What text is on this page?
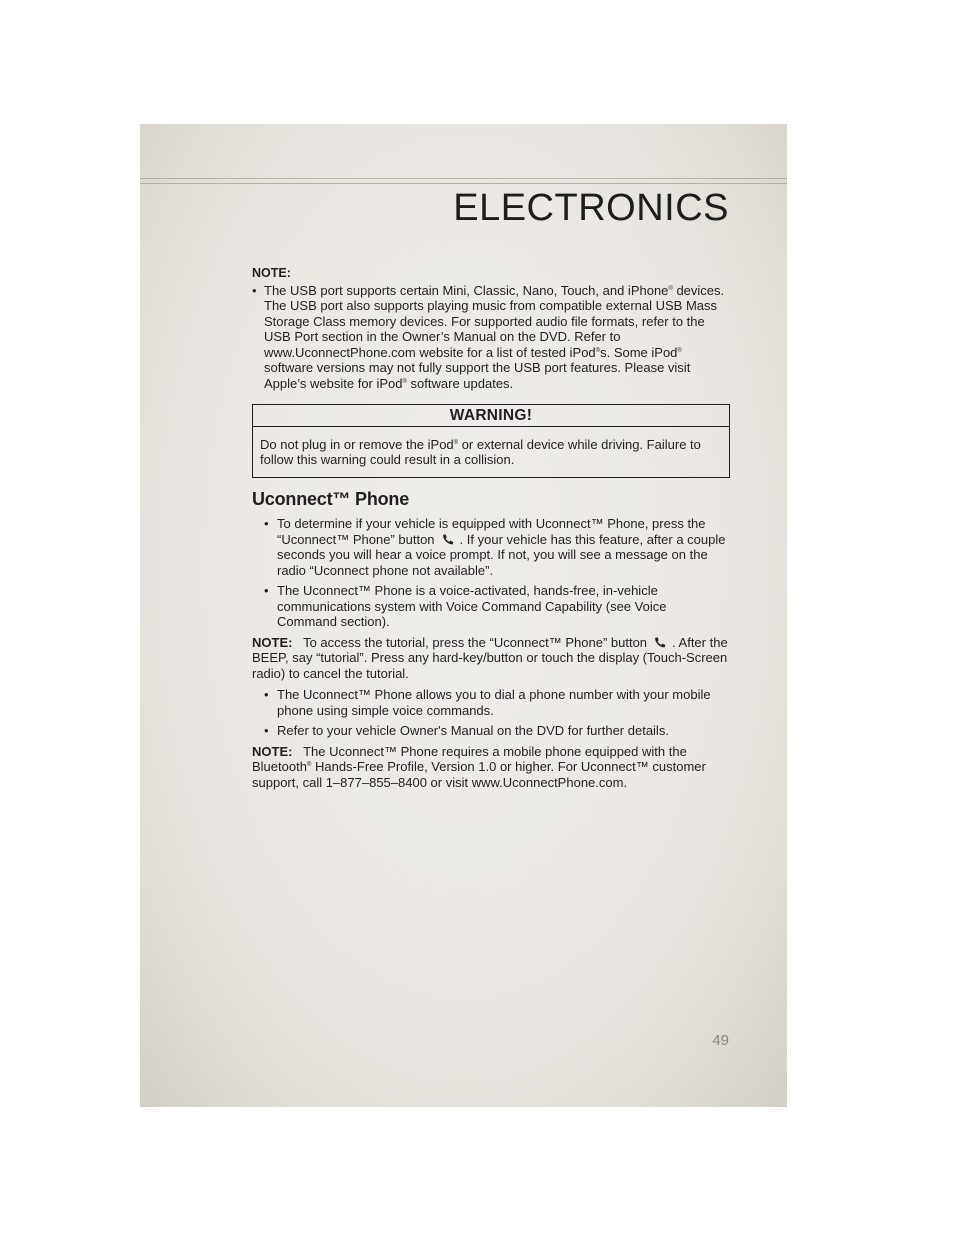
ELECTRONICS
NOTE:
• The USB port supports certain Mini, Classic, Nano, Touch, and iPhone® devices. The USB port also supports playing music from compatible external USB Mass Storage Class memory devices. For supported audio file formats, refer to the USB Port section in the Owner’s Manual on the DVD. Refer to www.UconnectPhone.com website for a list of tested iPod®s. Some iPod® software versions may not fully support the USB port features. Please visit Apple’s website for iPod® software updates.
WARNING!
Do not plug in or remove the iPod® or external device while driving. Failure to follow this warning could result in a collision.
Uconnect™ Phone
• To determine if your vehicle is equipped with Uconnect™ Phone, press the “Uconnect™ Phone” button . If your vehicle has this feature, after a couple seconds you will hear a voice prompt. If not, you will see a message on the radio “Uconnect phone not available”.
• The Uconnect™ Phone is a voice-activated, hands-free, in-vehicle communications system with Voice Command Capability (see Voice Command section).

NOTE: To access the tutorial, press the “Uconnect™ Phone” button . After the BEEP, say “tutorial”. Press any hard-key/button or touch the display (Touch-Screen radio) to cancel the tutorial.

• The Uconnect™ Phone allows you to dial a phone number with your mobile phone using simple voice commands.
• Refer to your vehicle Owner's Manual on the DVD for further details.

NOTE: The Uconnect™ Phone requires a mobile phone equipped with the Bluetooth® Hands-Free Profile, Version 1.0 or higher. For Uconnect™ customer support, call 1–877–855–8400 or visit www.UconnectPhone.com.

49
